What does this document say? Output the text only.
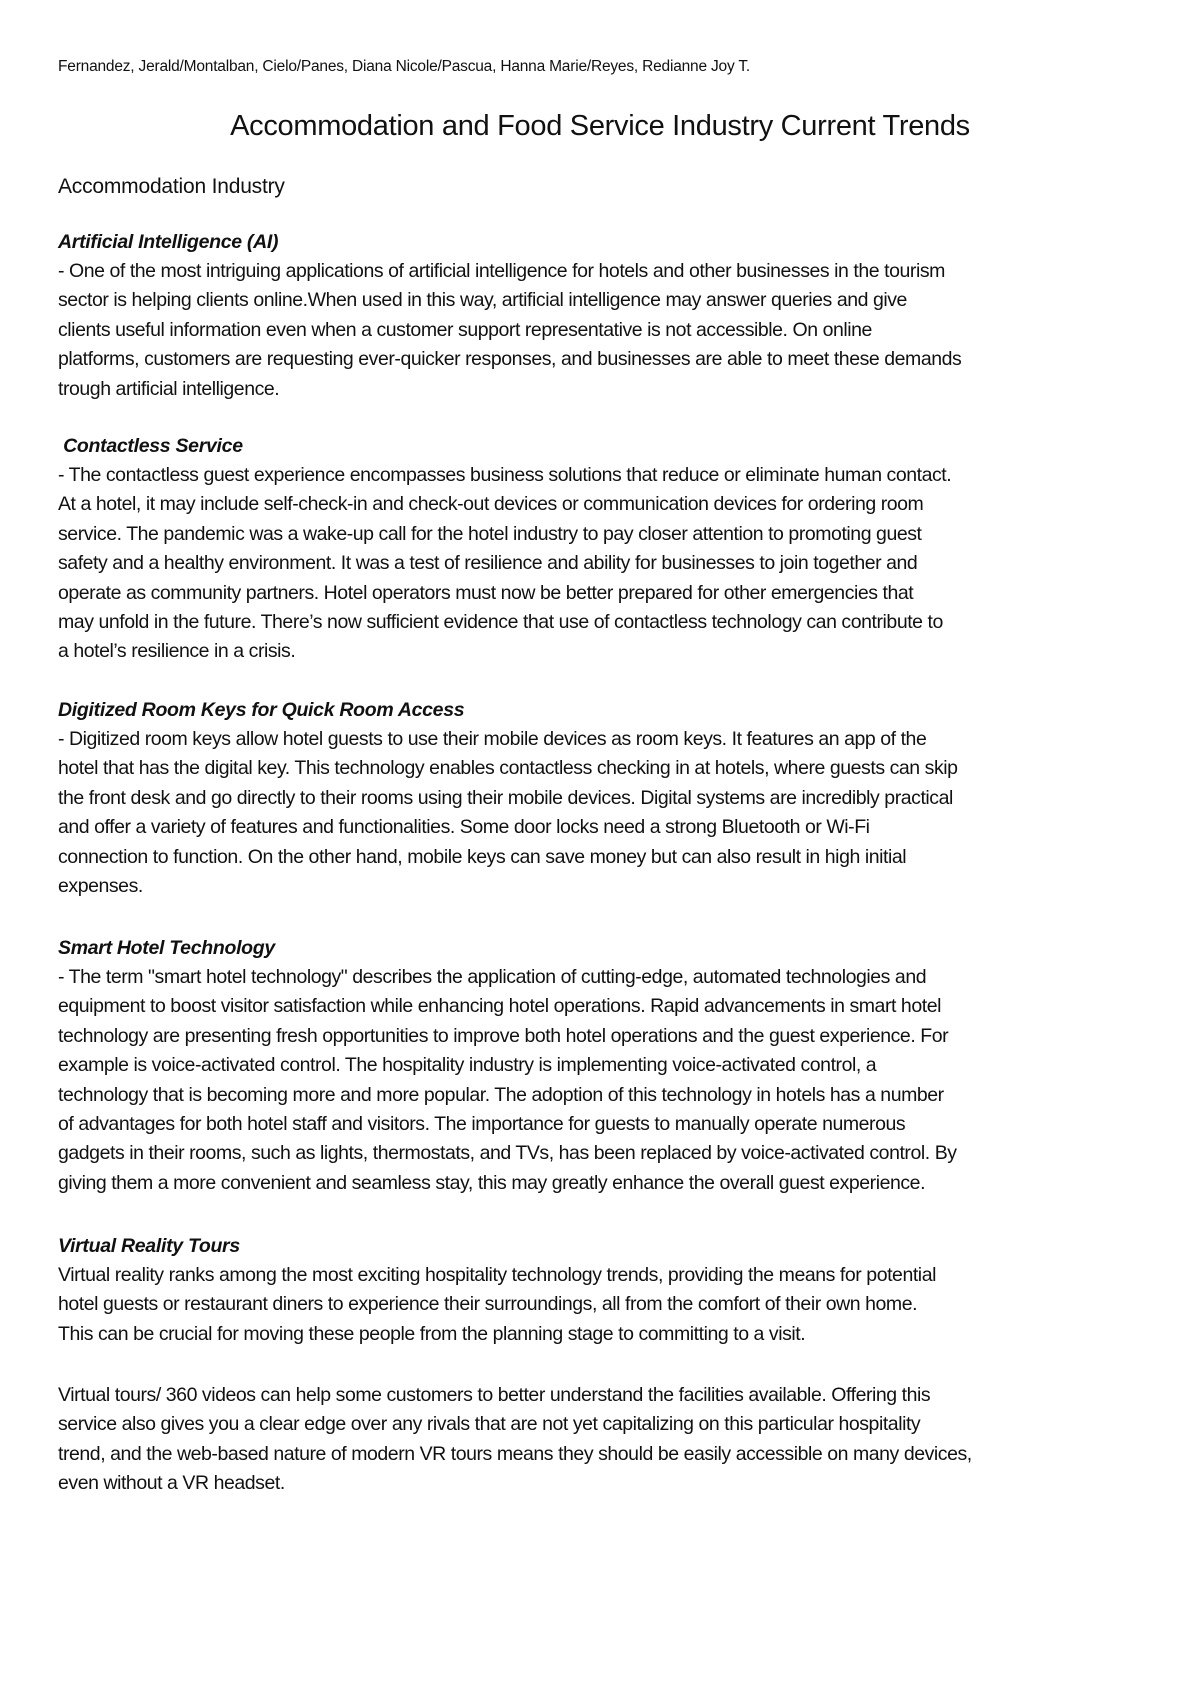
Fernandez, Jerald/Montalban, Cielo/Panes, Diana Nicole/Pascua, Hanna Marie/Reyes, Redianne Joy T.
Accommodation and Food Service Industry Current Trends
Accommodation Industry

Artificial Intelligence (AI)

- One of the most intriguing applications of artificial intelligence for hotels and other businesses in the tourism
sector is helping clients online.When used in this way, artificial intelligence may answer queries and give
clients useful information even when a customer support representative is not accessible. On online
platforms, customers are requesting ever-quicker responses, and businesses are able to meet these demands
trough artificial intelligence.

Contactless Service

- The contactless guest experience encompasses business solutions that reduce or eliminate human contact.
At a hotel, it may include self-check-in and check-out devices or communication devices for ordering room
service. The pandemic was a wake-up call for the hotel industry to pay closer attention to promoting guest
safety and a healthy environment. It was a test of resilience and ability for businesses to join together and
operate as community partners. Hotel operators must now be better prepared for other emergencies that
may unfold in the future. There’s now sufficient evidence that use of contactless technology can contribute to
a hotel’s resilience in a crisis.

Digitized Room Keys for Quick Room Access

- Digitized room keys allow hotel guests to use their mobile devices as room keys. It features an app of the
hotel that has the digital key. This technology enables contactless checking in at hotels, where guests can skip
the front desk and go directly to their rooms using their mobile devices. Digital systems are incredibly practical
and offer a variety of features and functionalities. Some door locks need a strong Bluetooth or Wi-Fi
connection to function. On the other hand, mobile keys can save money but can also result in high initial
expenses.

Smart Hotel Technology

- The term "smart hotel technology" describes the application of cutting-edge, automated technologies and
equipment to boost visitor satisfaction while enhancing hotel operations. Rapid advancements in smart hotel
technology are presenting fresh opportunities to improve both hotel operations and the guest experience. For
example is voice-activated control. The hospitality industry is implementing voice-activated control, a
technology that is becoming more and more popular. The adoption of this technology in hotels has a number
of advantages for both hotel staff and visitors. The importance for guests to manually operate numerous
gadgets in their rooms, such as lights, thermostats, and TVs, has been replaced by voice-activated control. By
giving them a more convenient and seamless stay, this may greatly enhance the overall guest experience.

Virtual Reality Tours

Virtual reality ranks among the most exciting hospitality technology trends, providing the means for potential
hotel guests or restaurant diners to experience their surroundings, all from the comfort of their own home.
This can be crucial for moving these people from the planning stage to committing to a visit.

Virtual tours/ 360 videos can help some customers to better understand the facilities available. Offering this
service also gives you a clear edge over any rivals that are not yet capitalizing on this particular hospitality
trend, and the web-based nature of modern VR tours means they should be easily accessible on many devices,
even without a VR headset.
